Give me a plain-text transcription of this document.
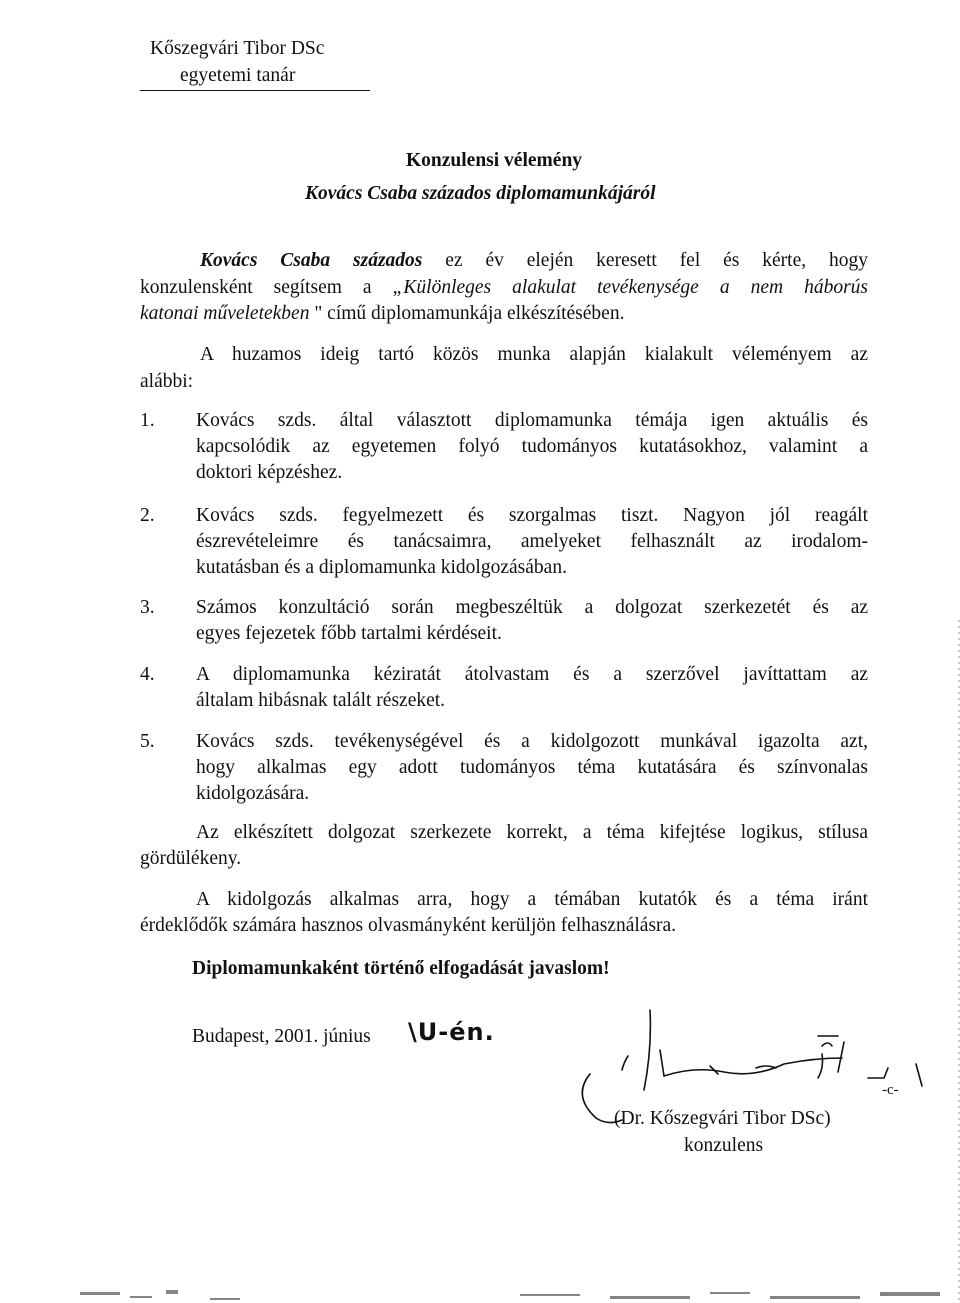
Kőszegvári Tibor DSc
egyetemi tanár
Konzulensi vélemény
Kovács Csaba százados diplomamunkájáról
Kovács Csaba százados ez év elején keresett fel és kérte, hogy
konzulensként segítsem a „Különleges alakulat tevékenysége a nem háborús
katonai műveletekben " című diplomamunkája elkészítésében.
A huzamos ideig tartó közös munka alapján kialakult véleményem az
alábbi:
1. Kovács szds. által választott diplomamunka témája igen aktuális és
kapcsolódik az egyetemen folyó tudományos kutatásokhoz, valamint a
doktori képzéshez.
2. Kovács szds. fegyelmezett és szorgalmas tiszt. Nagyon jól reagált
észrevételeimre és tanácsaimra, amelyeket felhasznált az irodalom-
kutatásban és a diplomamunka kidolgozásában.
3. Számos konzultáció során megbeszéltük a dolgozat szerkezetét és az
egyes fejezetek főbb tartalmi kérdéseit.
4. A diplomamunka kéziratát átolvastam és a szerzővel javíttattam az
általam hibásnak talált részeket.
5. Kovács szds. tevékenységével és a kidolgozott munkával igazolta azt,
hogy alkalmas egy adott tudományos téma kutatására és színvonalas
kidolgozására.
Az elkészített dolgozat szerkezete korrekt, a téma kifejtése logikus, stílusa
gördülékeny.
A kidolgozás alkalmas arra, hogy a témában kutatók és a téma iránt
érdeklődők számára hasznos olvasmányként kerüljön felhasználásra.
Diplomamunkaként történő elfogadását javaslom!
Budapest, 2001. június \U-én.
-c-
(Dr. Kőszegvári Tibor DSc)
konzulens
